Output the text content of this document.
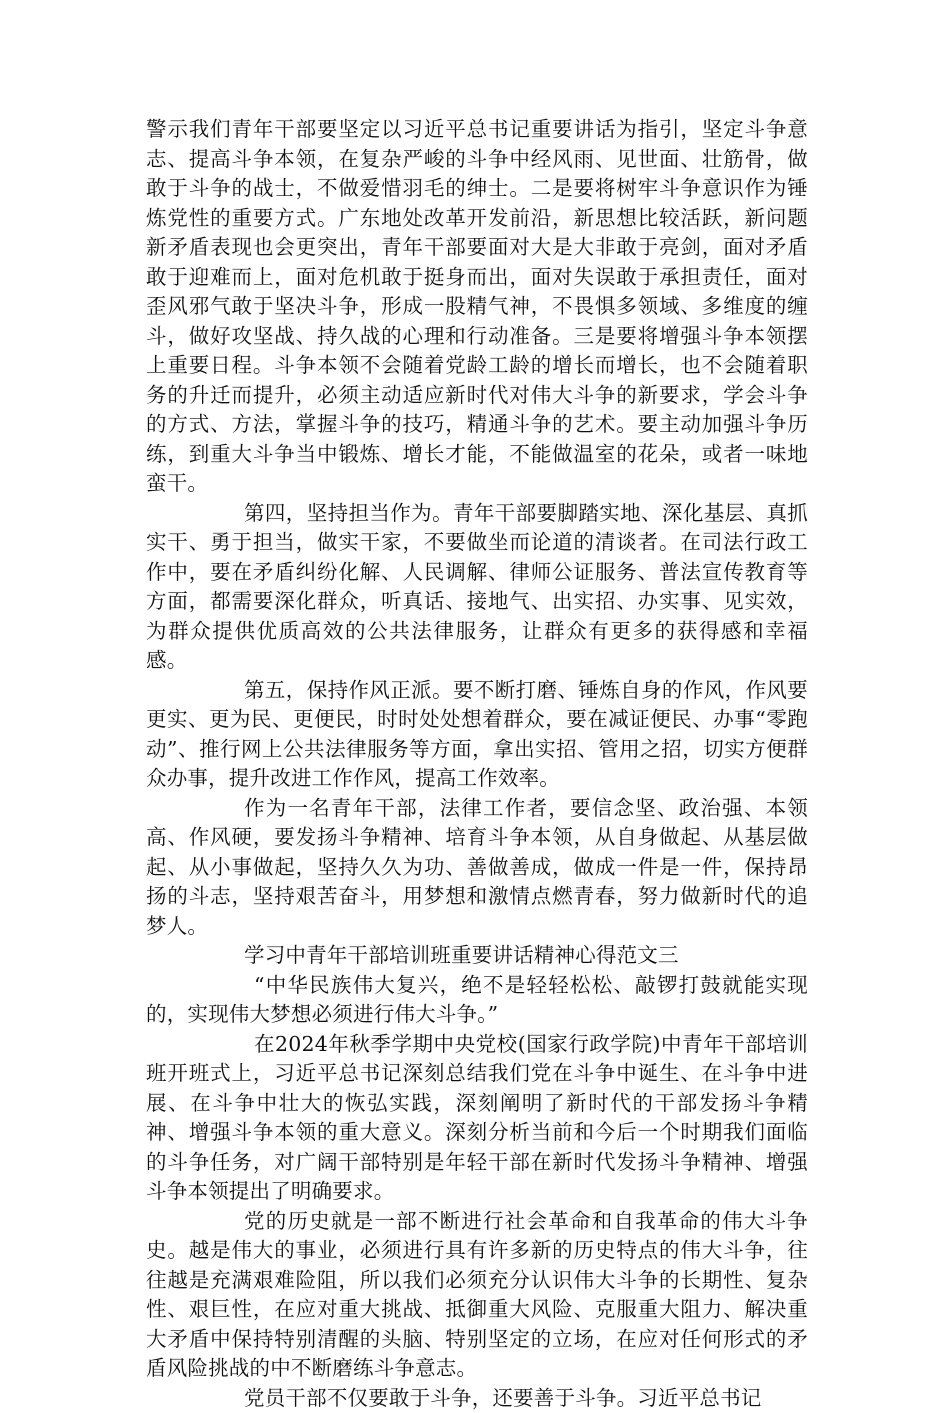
警示我们青年干部要坚定以习近平总书记重要讲话为指引，坚定斗争意志、提高斗争本领，在复杂严峻的斗争中经风雨、见世面、壮筋骨，做敢于斗争的战士，不做爱惜羽毛的绅士。二是要将树牢斗争意识作为锤炼党性的重要方式。广东地处改革开发前沿，新思想比较活跃，新问题新矛盾表现也会更突出，青年干部要面对大是大非敢于亮剑，面对矛盾敢于迎难而上，面对危机敢于挺身而出，面对失误敢于承担责任，面对歪风邪气敢于坚决斗争，形成一股精气神，不畏惧多领域、多维度的缠斗，做好攻坚战、持久战的心理和行动准备。三是要将增强斗争本领摆上重要日程。斗争本领不会随着党龄工龄的增长而增长，也不会随着职务的升迁而提升，必须主动适应新时代对伟大斗争的新要求，学会斗争的方式、方法，掌握斗争的技巧，精通斗争的艺术。要主动加强斗争历练，到重大斗争当中锻炼、增长才能，不能做温室的花朵，或者一味地蛮干。

第四，坚持担当作为。青年干部要脚踏实地、深化基层、真抓实干、勇于担当，做实干家，不要做坐而论道的清谈者。在司法行政工作中，要在矛盾纠纷化解、人民调解、律师公证服务、普法宣传教育等方面，都需要深化群众，听真话、接地气、出实招、办实事、见实效，为群众提供优质高效的公共法律服务，让群众有更多的获得感和幸福感。

第五，保持作风正派。要不断打磨、锤炼自身的作风，作风要更实、更为民、更便民，时时处处想着群众，要在减证便民、办事“零跑动”、推行网上公共法律服务等方面，拿出实招、管用之招，切实方便群众办事，提升改进工作作风，提高工作效率。

作为一名青年干部，法律工作者，要信念坚、政治强、本领高、作风硬，要发扬斗争精神、培育斗争本领，从自身做起、从基层做起、从小事做起，坚持久久为功、善做善成，做成一件是一件，保持昂扬的斗志，坚持艰苦奋斗，用梦想和激情点燃青春，努力做新时代的追梦人。

学习中青年干部培训班重要讲话精神心得范文三

“中华民族伟大复兴，绝不是轻轻松松、敲锣打鼓就能实现的，实现伟大梦想必须进行伟大斗争。”

在2024年秋季学期中央党校(国家行政学院)中青年干部培训班开班式上，习近平总书记深刻总结我们党在斗争中诞生、在斗争中进展、在斗争中壮大的恢弘实践，深刻阐明了新时代的干部发扬斗争精神、增强斗争本领的重大意义。深刻分析当前和今后一个时期我们面临的斗争任务，对广阔干部特别是年轻干部在新时代发扬斗争精神、增强斗争本领提出了明确要求。

党的历史就是一部不断进行社会革命和自我革命的伟大斗争史。越是伟大的事业，必须进行具有许多新的历史特点的伟大斗争，往往越是充满艰难险阻，所以我们必须充分认识伟大斗争的长期性、复杂性、艰巨性，在应对重大挑战、抵御重大风险、克服重大阻力、解决重大矛盾中保持特别清醒的头脑、特别坚定的立场，在应对任何形式的矛盾风险挑战的中不断磨练斗争意志。

党员干部不仅要敢于斗争，还要善于斗争。习近平总书记
